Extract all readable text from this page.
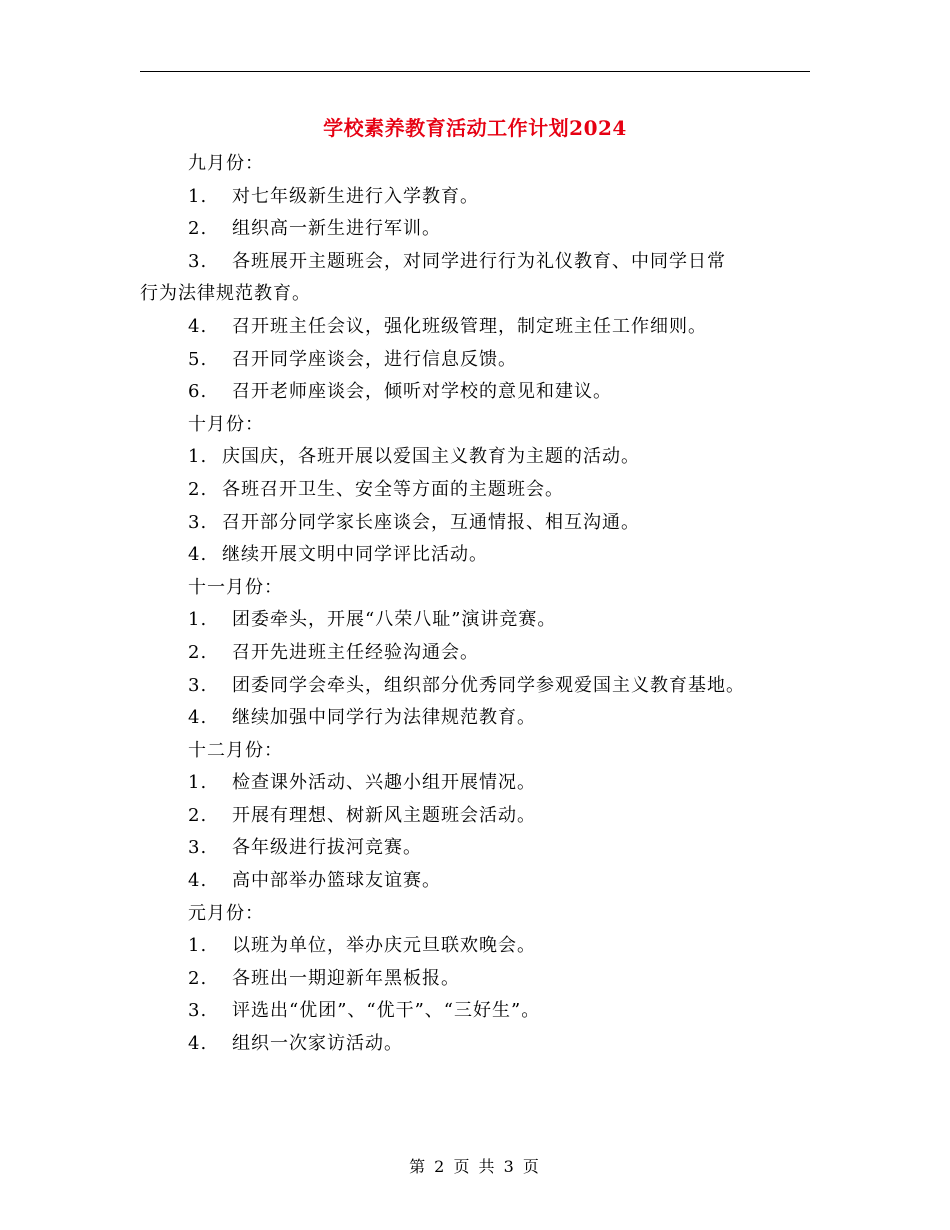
学校素养教育活动工作计划2024
九月份：
1. 对七年级新生进行入学教育。
2. 组织高一新生进行军训。
3. 各班展开主题班会，对同学进行行为礼仪教育、中同学日常
行为法律规范教育。
4. 召开班主任会议，强化班级管理，制定班主任工作细则。
5. 召开同学座谈会，进行信息反馈。
6. 召开老师座谈会，倾听对学校的意见和建议。
十月份：
1. 庆国庆，各班开展以爱国主义教育为主题的活动。
2. 各班召开卫生、安全等方面的主题班会。
3. 召开部分同学家长座谈会，互通情报、相互沟通。
4. 继续开展文明中同学评比活动。
十一月份：
1. 团委牵头，开展“八荣八耻”演讲竞赛。
2. 召开先进班主任经验沟通会。
3. 团委同学会牵头，组织部分优秀同学参观爱国主义教育基地。
4. 继续加强中同学行为法律规范教育。
十二月份：
1. 检查课外活动、兴趣小组开展情况。
2. 开展有理想、树新风主题班会活动。
3. 各年级进行拔河竞赛。
4. 高中部举办篮球友谊赛。
元月份：
1. 以班为单位，举办庆元旦联欢晚会。
2. 各班出一期迎新年黑板报。
3. 评选出“优团”、“优干”、“三好生”。
4. 组织一次家访活动。
第 2 页 共 3 页
